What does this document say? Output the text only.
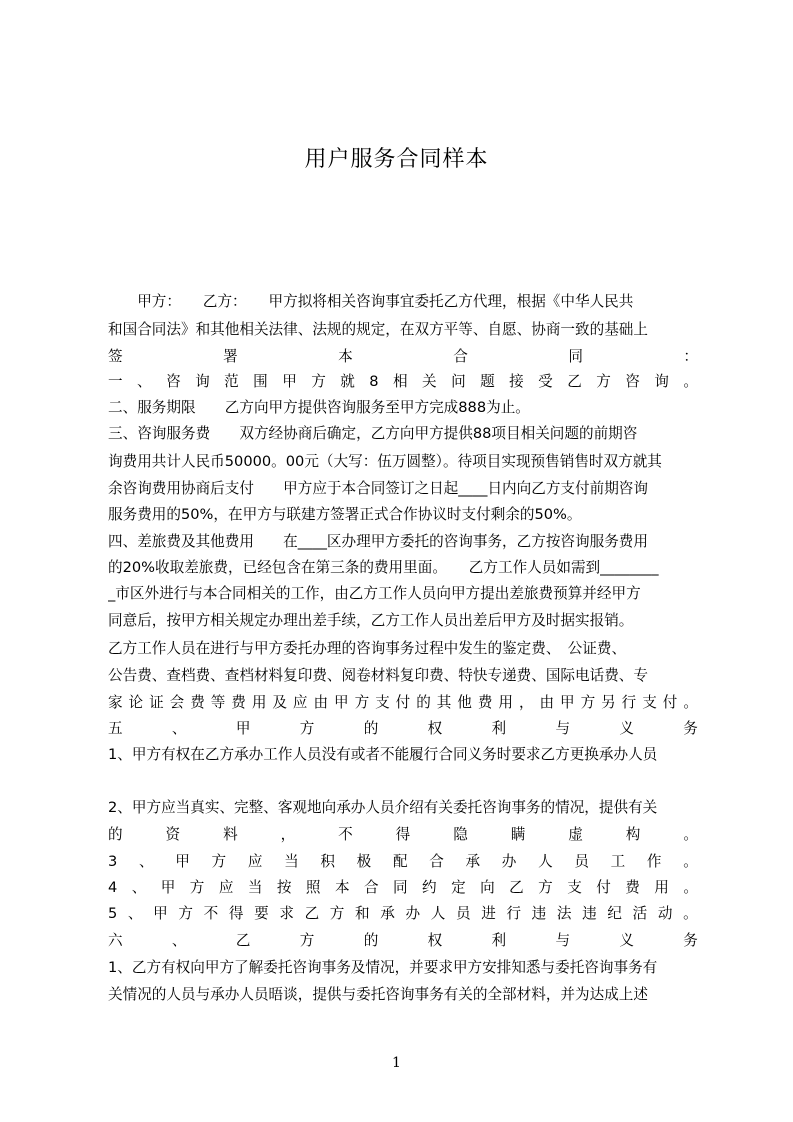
用户服务合同样本
　　甲方：　　乙方：　　甲方拟将相关咨询事宜委托乙方代理，根据《中华人民共
和国合同法》和其他相关法律、法规的规定，在双方平等、自愿、协商一致的基础上
签	署	本	合	同	：
一 、 咨 询 范 围 甲 方 就 8 相 关 问 题 接 受 乙 方 咨 询 。
二、服务期限　　乙方向甲方提供咨询服务至甲方完成888为止。
三、咨询服务费　　双方经协商后确定，乙方向甲方提供88项目相关问题的前期咨
询费用共计人民币50000。00元（大写：伍万圆整）。待项目实现预售销售时双方就其
余咨询费用协商后支付　　甲方应于本合同签订之日起____日内向乙方支付前期咨询
服务费用的50%，在甲方与联建方签署正式合作协议时支付剩余的50%。
四、差旅费及其他费用　　在____区办理甲方委托的咨询事务，乙方按咨询服务费用
的20%收取差旅费，已经包含在第三条的费用里面。　　乙方工作人员如需到________
_市区外进行与本合同相关的工作，由乙方工作人员向甲方提出差旅费预算并经甲方
同意后，按甲方相关规定办理出差手续，乙方工作人员出差后甲方及时据实报销。
乙方工作人员在进行与甲方委托办理的咨询事务过程中发生的鉴定费、　公证费、
公告费、查档费、查档材料复印费、阅卷材料复印费、特快专递费、国际电话费、专
家 论 证 会 费 等 费 用 及 应 由 甲 方 支 付 的 其 他 费 用 ， 由 甲 方 另 行 支 付 。
五	、	甲	方	的	权	利	与	义	务
1、甲方有权在乙方承办工作人员没有或者不能履行合同义务时要求乙方更换承办人员
2、甲方应当真实、完整、客观地向承办人员介绍有关委托咨询事务的情况，提供有关
的	资	料	，	不	得	隐	瞒	虚	构	。
3 、 甲 方 应 当 积 极 配 合 承 办 人 员 工 作 。
4 、 甲 方 应 当 按 照 本 合 同 约 定 向 乙 方 支 付 费 用 。
5 、 甲 方 不 得 要 求 乙 方 和 承 办 人 员 进 行 违 法 违 纪 活 动 。
六	、	乙	方	的	权	利	与	义	务
1、乙方有权向甲方了解委托咨询事务及情况，并要求甲方安排知悉与委托咨询事务有
关情况的人员与承办人员晤谈，提供与委托咨询事务有关的全部材料，并为达成上述
1
